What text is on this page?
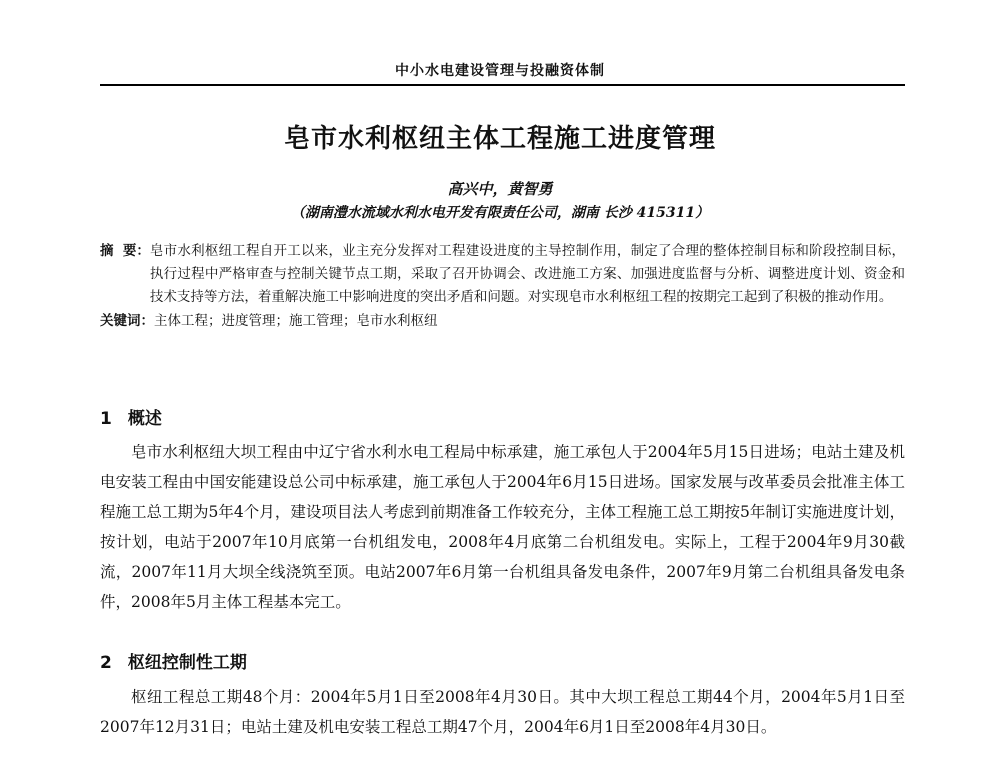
中小水电建设管理与投融资体制
皂市水利枢纽主体工程施工进度管理
高兴中，黄智勇
（湖南澧水流域水利水电开发有限责任公司，湖南 长沙 415311）
摘  要： 皂市水利枢纽工程自开工以来，业主充分发挥对工程建设进度的主导控制作用，制定了合理的整体控制目标和阶段控制目标，执行过程中严格审查与控制关键节点工期，采取了召开协调会、改进施工方案、加强进度监督与分析、调整进度计划、资金和技术支持等方法，着重解决施工中影响进度的突出矛盾和问题。对实现皂市水利枢纽工程的按期完工起到了积极的推动作用。
关键词：主体工程；进度管理；施工管理；皂市水利枢纽
1 概述
皂市水利枢纽大坝工程由中辽宁省水利水电工程局中标承建，施工承包人于2004年5月15日进场；电站土建及机电安装工程由中国安能建设总公司中标承建，施工承包人于2004年6月15日进场。国家发展与改革委员会批准主体工程施工总工期为5年4个月，建设项目法人考虑到前期准备工作较充分，主体工程施工总工期按5年制订实施进度计划，按计划，电站于2007年10月底第一台机组发电，2008年4月底第二台机组发电。实际上，工程于2004年9月30截流，2007年11月大坝全线浇筑至顶。电站2007年6月第一台机组具备发电条件，2007年9月第二台机组具备发电条件，2008年5月主体工程基本完工。
2 枢纽控制性工期
枢纽工程总工期48个月：2004年5月1日至2008年4月30日。其中大坝工程总工期44个月，2004年5月1日至2007年12月31日；电站土建及机电安装工程总工期47个月，2004年6月1日至2008年4月30日。
